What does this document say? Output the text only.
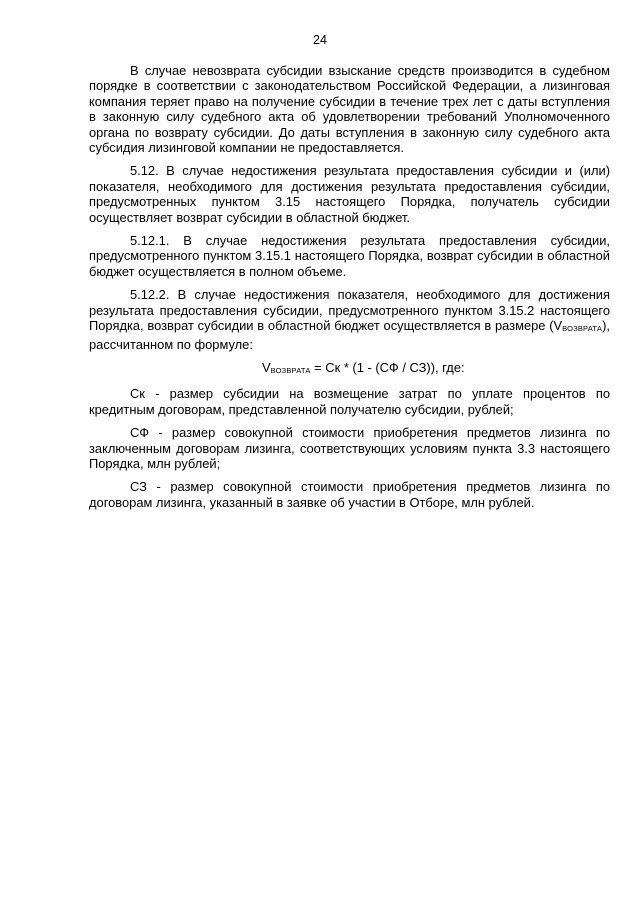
24

В случае невозврата субсидии взыскание средств производится в судебном порядке в соответствии с законодательством Российской Федерации, а лизинговая компания теряет право на получение субсидии в течение трех лет с даты вступления в законную силу судебного акта об удовлетворении требований Уполномоченного органа по возврату субсидии. До даты вступления в законную силу судебного акта субсидия лизинговой компании не предоставляется.

5.12. В случае недостижения результата предоставления субсидии и (или) показателя, необходимого для достижения результата предоставления субсидии, предусмотренных пунктом 3.15 настоящего Порядка, получатель субсидии осуществляет возврат субсидии в областной бюджет.

5.12.1. В случае недостижения результата предоставления субсидии, предусмотренного пунктом 3.15.1 настоящего Порядка, возврат субсидии в областной бюджет осуществляется в полном объеме.

5.12.2. В случае недостижения показателя, необходимого для достижения результата предоставления субсидии, предусмотренного пунктом 3.15.2 настоящего Порядка, возврат субсидии в областной бюджет осуществляется в размере (VВОЗВРАТА), рассчитанном по формуле:

VВОЗВРАТА = Ск * (1 - (СФ / СЗ)), где:

Ск - размер субсидии на возмещение затрат по уплате процентов по кредитным договорам, представленной получателю субсидии, рублей;

СФ - размер совокупной стоимости приобретения предметов лизинга по заключенным договорам лизинга, соответствующих условиям пункта 3.3 настоящего Порядка, млн рублей;

СЗ - размер совокупной стоимости приобретения предметов лизинга по договорам лизинга, указанный в заявке об участии в Отборе, млн рублей.
